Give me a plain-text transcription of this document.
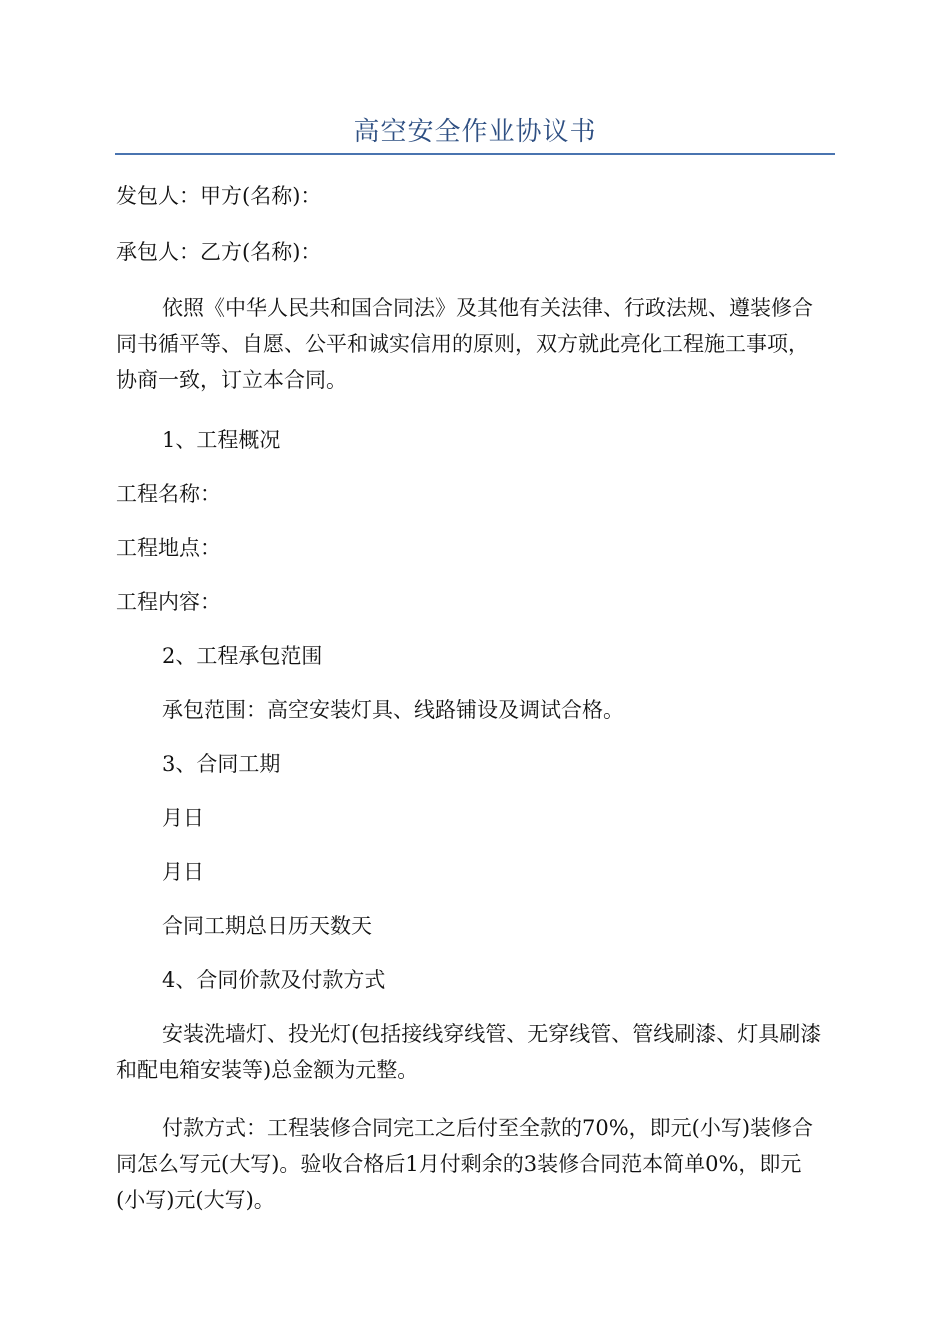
高空安全作业协议书

发包人：甲方(名称)：

承包人：乙方(名称)：

依照《中华人民共和国合同法》及其他有关法律、行政法规、遵装修合同书循平等、自愿、公平和诚实信用的原则，双方就此亮化工程施工事项，协商一致，订立本合同。

1、工程概况

工程名称：

工程地点：

工程内容：

2、工程承包范围

承包范围：高空安装灯具、线路铺设及调试合格。

3、合同工期

月日

月日

合同工期总日历天数天

4、合同价款及付款方式

安装洗墙灯、投光灯(包括接线穿线管、无穿线管、管线刷漆、灯具刷漆和配电箱安装等)总金额为元整。

付款方式：工程装修合同完工之后付至全款的70%，即元(小写)装修合同怎么写元(大写)。验收合格后1月付剩余的3装修合同范本简单0%，即元(小写)元(大写)。
